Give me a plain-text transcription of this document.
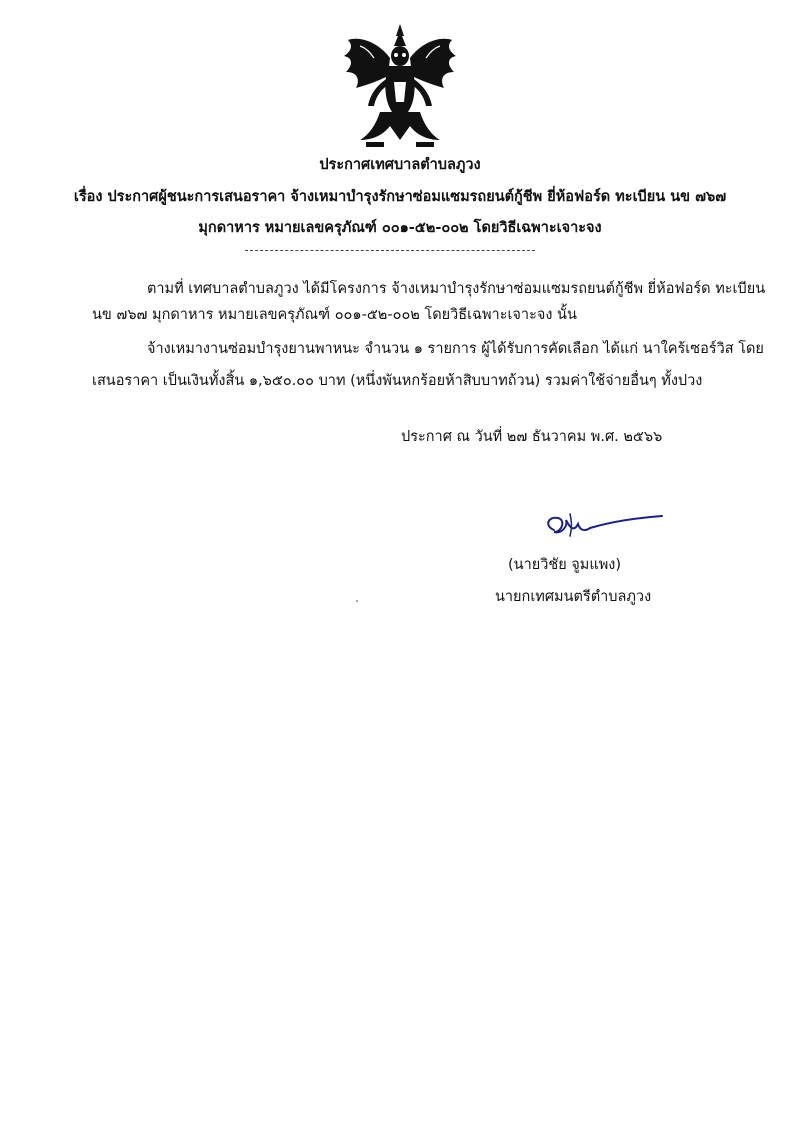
ประกาศเทศบาลตำบลภูวง
เรื่อง ประกาศผู้ชนะการเสนอราคา จ้างเหมาบำรุงรักษาซ่อมแซมรถยนต์กู้ชีพ ยี่ห้อฟอร์ด ทะเบียน นข ๗๖๗
มุกดาหาร หมายเลขครุภัณฑ์ ๐๐๑-๕๒-๐๐๒ โดยวิธีเฉพาะเจาะจง
ตามที่ เทศบาลตำบลภูวง ได้มีโครงการ จ้างเหมาบำรุงรักษาซ่อมแซมรถยนต์กู้ชีพ ยี่ห้อฟอร์ด ทะเบียน
นข ๗๖๗ มุกดาหาร หมายเลขครุภัณฑ์ ๐๐๑-๕๒-๐๐๒ โดยวิธีเฉพาะเจาะจง นั้น
จ้างเหมางานซ่อมบำรุงยานพาหนะ จำนวน ๑ รายการ ผู้ได้รับการคัดเลือก ได้แก่ นาใคร้เซอร์วิส โดย
เสนอราคา เป็นเงินทั้งสิ้น ๑,๖๕๐.๐๐ บาท (หนึ่งพันหกร้อยห้าสิบบาทถ้วน) รวมค่าใช้จ่ายอื่นๆ ทั้งปวง
ประกาศ ณ วันที่ ๒๗ ธันวาคม พ.ศ. ๒๕๖๖
(นายวิชัย จูมแพง)
นายกเทศมนตรีตำบลภูวง
